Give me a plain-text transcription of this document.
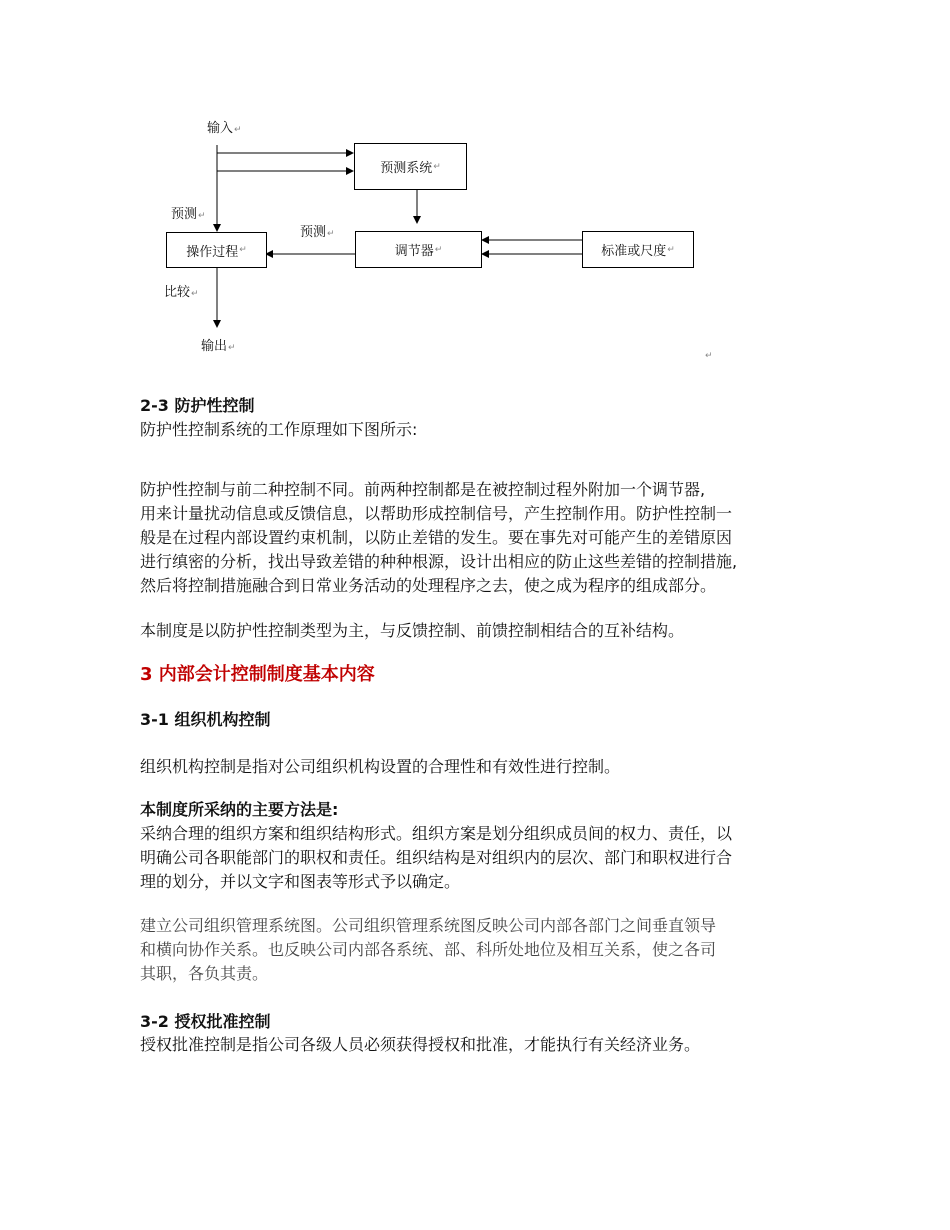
预测系统 ↵
操作过程 ↵	调节器 ↵	标准或尺度 ↵
输入↵
预测↵
预测↵
比较↵
输出↵
↵
2-3 防护性控制
防护性控制系统的工作原理如下图所示:
防护性控制与前二种控制不同。前两种控制都是在被控制过程外附加一个调节器,
用来计量扰动信息或反馈信息，以帮助形成控制信号，产生控制作用。防护性控制一
般是在过程内部设置约束机制，以防止差错的发生。要在事先对可能产生的差错原因
进行缜密的分析，找出导致差错的种种根源，设计出相应的防止这些差错的控制措施,
然后将控制措施融合到日常业务活动的处理程序之去，使之成为程序的组成部分。
本制度是以防护性控制类型为主，与反馈控制、前馈控制相结合的互补结构。
3 内部会计控制制度基本内容
3-1 组织机构控制
组织机构控制是指对公司组织机构设置的合理性和有效性进行控制。
本制度所采纳的主要方法是:
采纳合理的组织方案和组织结构形式。组织方案是划分组织成员间的权力、责任，以
明确公司各职能部门的职权和责任。组织结构是对组织内的层次、部门和职权进行合
理的划分，并以文字和图表等形式予以确定。
建立公司组织管理系统图。公司组织管理系统图反映公司内部各部门之间垂直领导
和横向协作关系。也反映公司内部各系统、部、科所处地位及相互关系，使之各司
其职，各负其责。
3-2 授权批准控制
授权批准控制是指公司各级人员必须获得授权和批准，才能执行有关经济业务。
